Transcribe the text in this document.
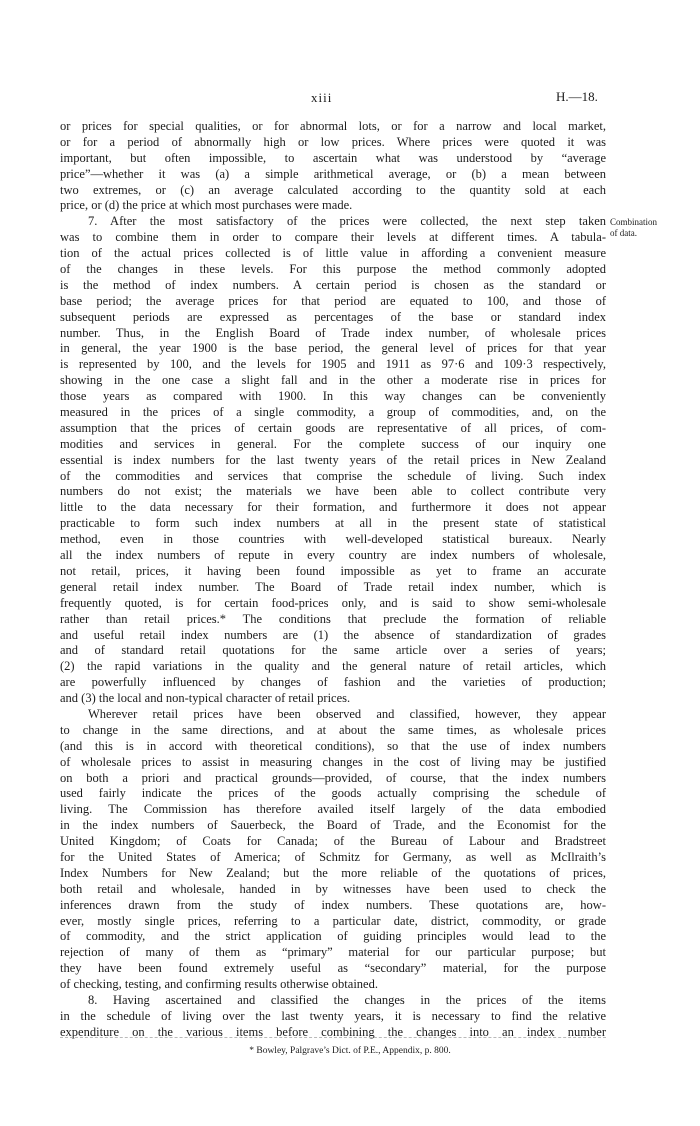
xiii	H.—18.
Combination
of data.
or prices for special qualities, or for abnormal lots, or for a narrow and local market,
or for a period of abnormally high or low prices. Where prices were quoted it was
important, but often impossible, to ascertain what was understood by “average
price”—whether it was (a) a simple arithmetical average, or (b) a mean between
two extremes, or (c) an average calculated according to the quantity sold at each
price, or (d) the price at which most purchases were made.
7. After the most satisfactory of the prices were collected, the next step taken
was to combine them in order to compare their levels at different times. A tabula-
tion of the actual prices collected is of little value in affording a convenient measure
of the changes in these levels. For this purpose the method commonly adopted
is the method of index numbers. A certain period is chosen as the standard or
base period; the average prices for that period are equated to 100, and those of
subsequent periods are expressed as percentages of the base or standard index
number. Thus, in the English Board of Trade index number, of wholesale prices
in general, the year 1900 is the base period, the general level of prices for that year
is represented by 100, and the levels for 1905 and 1911 as 97·6 and 109·3 respectively,
showing in the one case a slight fall and in the other a moderate rise in prices for
those years as compared with 1900. In this way changes can be conveniently
measured in the prices of a single commodity, a group of commodities, and, on the
assumption that the prices of certain goods are representative of all prices, of com-
modities and services in general. For the complete success of our inquiry one
essential is index numbers for the last twenty years of the retail prices in New Zealand
of the commodities and services that comprise the schedule of living. Such index
numbers do not exist; the materials we have been able to collect contribute very
little to the data necessary for their formation, and furthermore it does not appear
practicable to form such index numbers at all in the present state of statistical
method, even in those countries with well-developed statistical bureaux. Nearly
all the index numbers of repute in every country are index numbers of wholesale,
not retail, prices, it having been found impossible as yet to frame an accurate
general retail index number. The Board of Trade retail index number, which is
frequently quoted, is for certain food-prices only, and is said to show semi-wholesale
rather than retail prices.* The conditions that preclude the formation of reliable
and useful retail index numbers are (1) the absence of standardization of grades
and of standard retail quotations for the same article over a series of years;
(2) the rapid variations in the quality and the general nature of retail articles, which
are powerfully influenced by changes of fashion and the varieties of production;
and (3) the local and non-typical character of retail prices.
Wherever retail prices have been observed and classified, however, they appear
to change in the same directions, and at about the same times, as wholesale prices
(and this is in accord with theoretical conditions), so that the use of index numbers
of wholesale prices to assist in measuring changes in the cost of living may be justified
on both a priori and practical grounds—provided, of course, that the index numbers
used fairly indicate the prices of the goods actually comprising the schedule of
living. The Commission has therefore availed itself largely of the data embodied
in the index numbers of Sauerbeck, the Board of Trade, and the Economist for the
United Kingdom; of Coats for Canada; of the Bureau of Labour and Bradstreet
for the United States of America; of Schmitz for Germany, as well as McIlraith’s
Index Numbers for New Zealand; but the more reliable of the quotations of prices,
both retail and wholesale, handed in by witnesses have been used to check the
inferences drawn from the study of index numbers. These quotations are, how-
ever, mostly single prices, referring to a particular date, district, commodity, or grade
of commodity, and the strict application of guiding principles would lead to the
rejection of many of them as “primary” material for our particular purpose; but
they have been found extremely useful as “secondary” material, for the purpose
of checking, testing, and confirming results otherwise obtained.
8. Having ascertained and classified the changes in the prices of the items
in the schedule of living over the last twenty years, it is necessary to find the relative
expenditure on the various items before combining the changes into an index number
* Bowley, Palgrave’s Dict. of P.E., Appendix, p. 800.
